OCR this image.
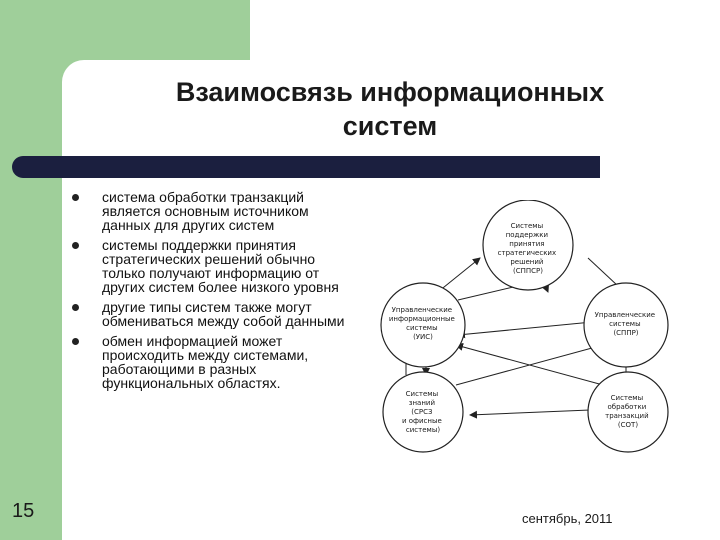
Взаимосвязь информационных
систем
система обработки транзакций является основным источником данных для других систем
системы поддержки принятия стратегических решений обычно только получают информацию от других систем более низкого уровня
другие типы систем также могут обмениваться между собой данными
обмен информацией может происходить между системами, работающими в разных функциональных областях.
Системы поддержки принятия стратегических решений (СППСР)
Управленческие информационные системы (УИС)
Управленческие системы (СППР)
Системы знаний (СРСЗ и офисные системы)
Системы обработки транзакций (СОТ)
15	сентябрь, 2011
